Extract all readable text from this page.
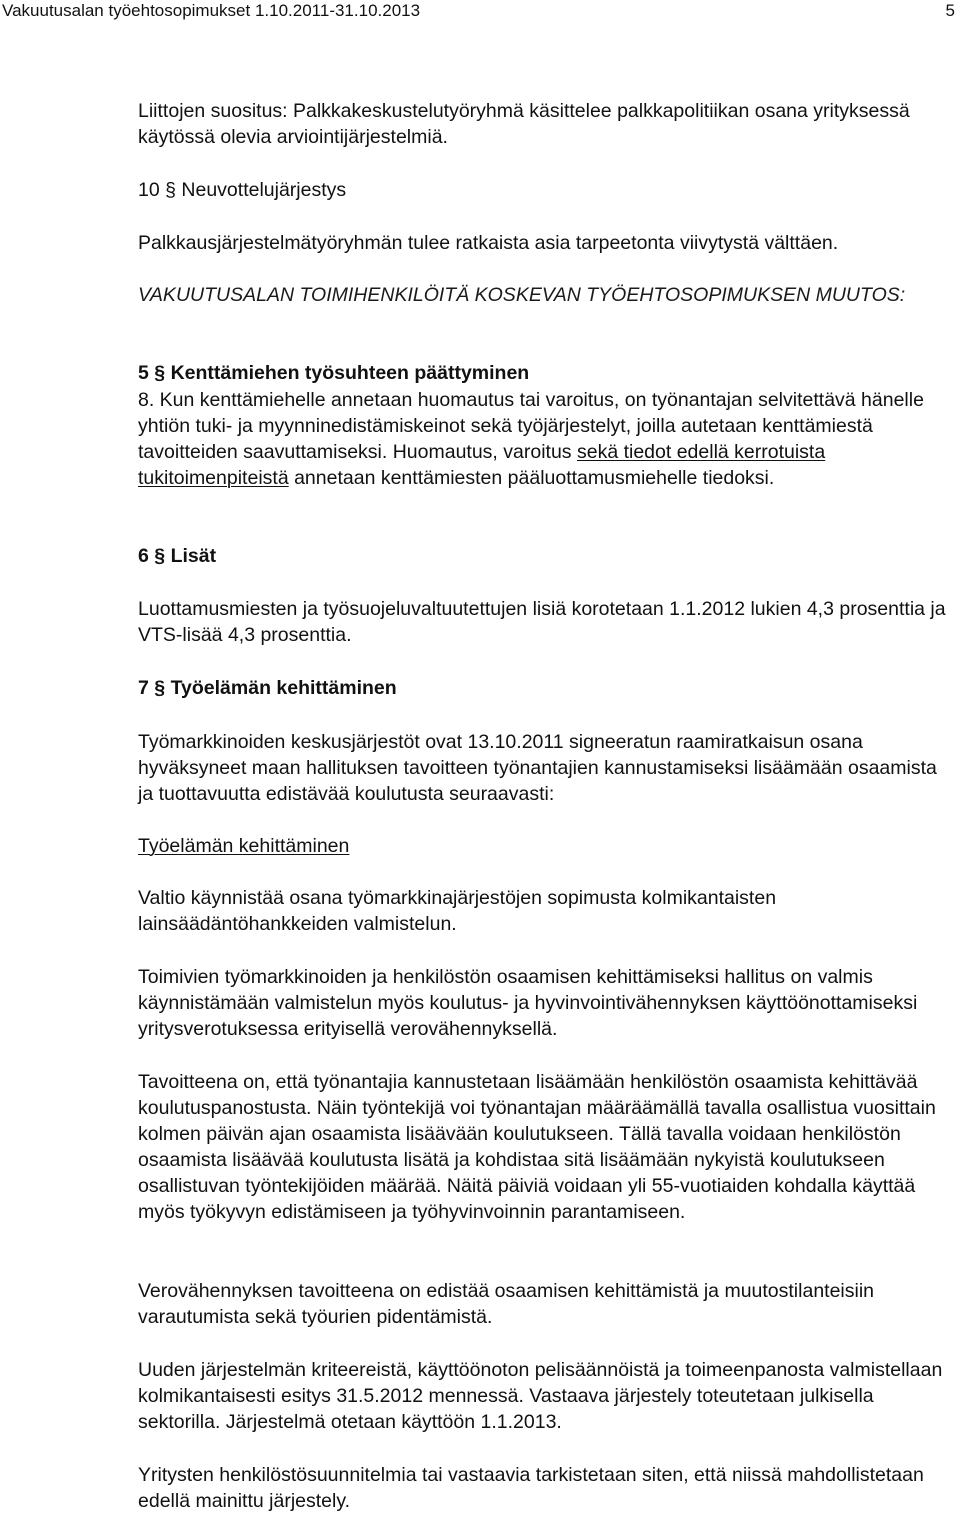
Vakuutusalan työehtosopimukset 1.10.2011-31.10.2013	5

Liittojen suositus: Palkkakeskustelutyöryhmä käsittelee palkkapolitiikan osana yrityksessä käytössä olevia arviointijärjestelmiä.

10 § Neuvottelujärjestys

Palkkausjärjestelmätyöryhmän tulee ratkaista asia tarpeetonta viivytystä välttäen.

VAKUUTUSALAN TOIMIHENKILÖITÄ KOSKEVAN TYÖEHTOSOPIMUKSEN MUUTOS:

5 § Kenttämiehen työsuhteen päättyminen

8. Kun kenttämiehelle annetaan huomautus tai varoitus, on työnantajan selvitettävä hänelle yhtiön tuki- ja myynninedistämiskeinot sekä työjärjestelyt, joilla autetaan kenttämiestä tavoitteiden saavuttamiseksi. Huomautus, varoitus sekä tiedot edellä kerrotuista tukitoimenpiteistä annetaan kenttämiesten pääluottamusmiehelle tiedoksi.

6 § Lisät

Luottamusmiesten ja työsuojeluvaltuutettujen lisiä korotetaan 1.1.2012 lukien 4,3 prosenttia ja VTS-lisää 4,3 prosenttia.

7 § Työelämän kehittäminen

Työmarkkinoiden keskusjärjestöt ovat 13.10.2011 signeeratun raamiratkaisun osana hyväksyneet maan hallituksen tavoitteen työnantajien kannustamiseksi lisäämään osaamista ja tuottavuutta edistävää koulutusta seuraavasti:

Työelämän kehittäminen

Valtio käynnistää osana työmarkkinajärjestöjen sopimusta kolmikantaisten lainsäädäntöhankkeiden valmistelun.

Toimivien työmarkkinoiden ja henkilöstön osaamisen kehittämiseksi hallitus on valmis käynnistämään valmistelun myös koulutus- ja hyvinvointivähennyksen käyttöönottamiseksi yritysverotuksessa erityisellä verovähennyksellä.

Tavoitteena on, että työnantajia kannustetaan lisäämään henkilöstön osaamista kehittävää koulutuspanostusta. Näin työntekijä voi työnantajan määräämällä tavalla osallistua vuosittain kolmen päivän ajan osaamista lisäävään koulutukseen. Tällä tavalla voidaan henkilöstön osaamista lisäävää koulutusta lisätä ja kohdistaa sitä lisäämään nykyistä koulutukseen osallistuvan työntekijöiden määrää. Näitä päiviä voidaan yli 55-vuotiaiden kohdalla käyttää myös työkyvyn edistämiseen ja työhyvinvoinnin parantamiseen.

Verovähennyksen tavoitteena on edistää osaamisen kehittämistä ja muutostilanteisiin varautumista sekä työurien pidentämistä.

Uuden järjestelmän kriteereistä, käyttöönoton pelisäännöistä ja toimeenpanosta valmistellaan kolmikantaisesti esitys 31.5.2012 mennessä. Vastaava järjestely toteutetaan julkisella sektorilla. Järjestelmä otetaan käyttöön 1.1.2013.

Yritysten henkilöstösuunnitelmia tai vastaavia tarkistetaan siten, että niissä mahdollistetaan edellä mainittu järjestely.
